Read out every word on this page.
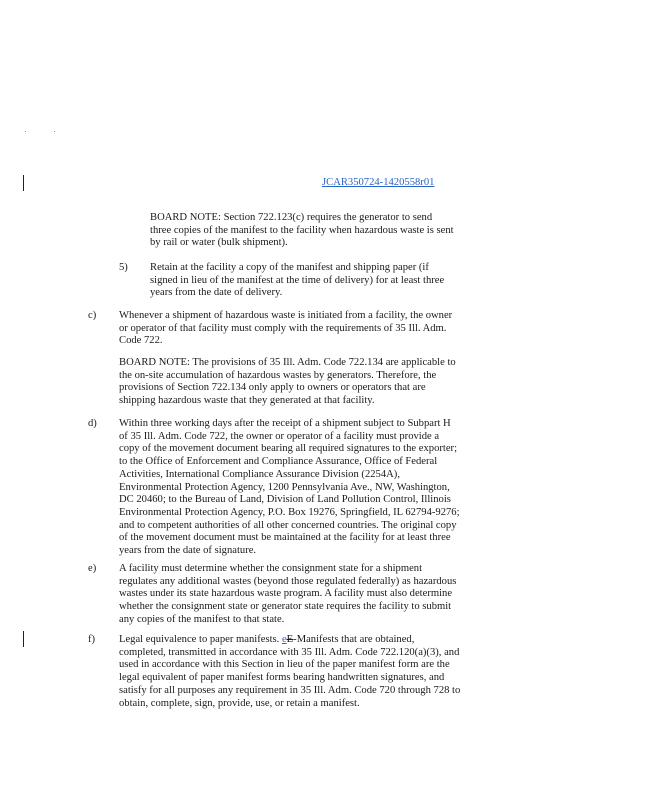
JCAR350724-1420558r01

BOARD NOTE: Section 722.123(c) requires the generator to send three copies of the manifest to the facility when hazardous waste is sent by rail or water (bulk shipment).

5) Retain at the facility a copy of the manifest and shipping paper (if signed in lieu of the manifest at the time of delivery) for at least three years from the date of delivery.

c) Whenever a shipment of hazardous waste is initiated from a facility, the owner or operator of that facility must comply with the requirements of 35 Ill. Adm. Code 722.

BOARD NOTE: The provisions of 35 Ill. Adm. Code 722.134 are applicable to the on-site accumulation of hazardous wastes by generators. Therefore, the provisions of Section 722.134 only apply to owners or operators that are shipping hazardous waste that they generated at that facility.

d) Within three working days after the receipt of a shipment subject to Subpart H of 35 Ill. Adm. Code 722, the owner or operator of a facility must provide a copy of the movement document bearing all required signatures to the exporter; to the Office of Enforcement and Compliance Assurance, Office of Federal Activities, International Compliance Assurance Division (2254A), Environmental Protection Agency, 1200 Pennsylvania Ave., NW, Washington, DC 20460; to the Bureau of Land, Division of Land Pollution Control, Illinois Environmental Protection Agency, P.O. Box 19276, Springfield, IL 62794-9276; and to competent authorities of all other concerned countries. The original copy of the movement document must be maintained at the facility for at least three years from the date of signature.

e) A facility must determine whether the consignment state for a shipment regulates any additional wastes (beyond those regulated federally) as hazardous wastes under its state hazardous waste program. A facility must also determine whether the consignment state or generator state requires the facility to submit any copies of the manifest to that state.

f) Legal equivalence to paper manifests. eE-Manifests that are obtained, completed, transmitted in accordance with 35 Ill. Adm. Code 722.120(a)(3), and used in accordance with this Section in lieu of the paper manifest form are the legal equivalent of paper manifest forms bearing handwritten signatures, and satisfy for all purposes any requirement in 35 Ill. Adm. Code 720 through 728 to obtain, complete, sign, provide, use, or retain a manifest.
